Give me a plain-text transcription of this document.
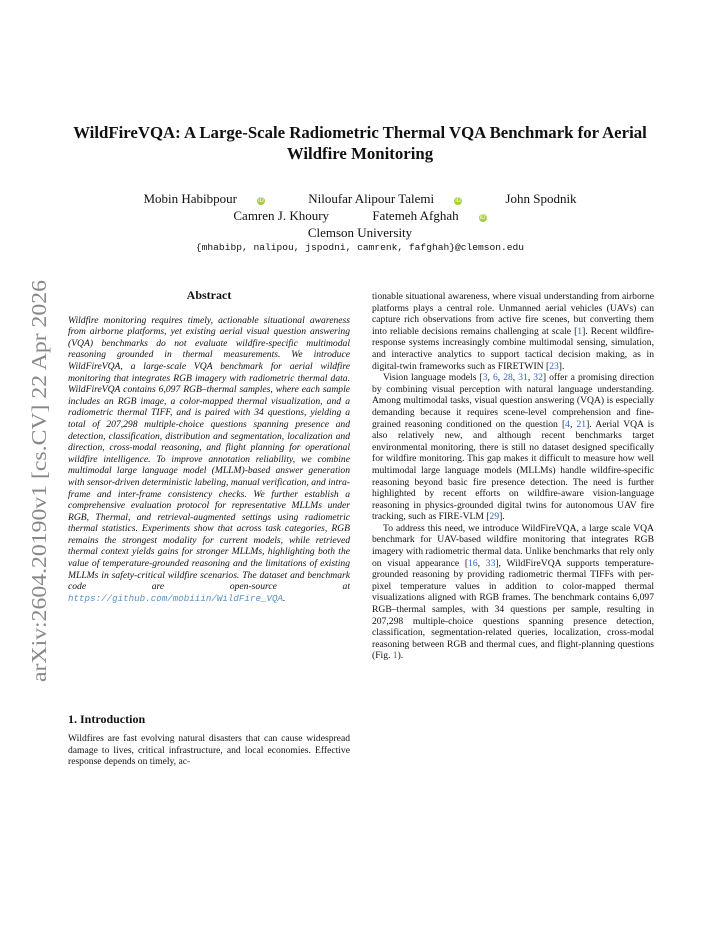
arXiv:2604.20190v1 [cs.CV] 22 Apr 2026
WildFireVQA: A Large-Scale Radiometric Thermal VQA Benchmark for Aerial Wildfire Monitoring
Mobin Habibpour	iD	Niloufar Alipour Talemi	iD	John Spodnik
Camren J. Khoury	Fatemeh Afghah	iD
Clemson University
{mhabibp, nalipou, jspodni, camrenk, fafghah}@clemson.edu
Abstract

Wildfire monitoring requires timely, actionable situational awareness from airborne platforms, yet existing aerial visual question answering (VQA) benchmarks do not evaluate wildfire-specific multimodal reasoning grounded in thermal measurements. We introduce WildFireVQA, a large-scale VQA benchmark for aerial wildfire monitoring that integrates RGB imagery with radiometric thermal data. WildFireVQA contains 6,097 RGB–thermal samples, where each sample includes an RGB image, a color-mapped thermal visualization, and a radiometric thermal TIFF, and is paired with 34 questions, yielding a total of 207,298 multiple-choice questions spanning presence and detection, classification, distribution and segmentation, localization and direction, cross-modal reasoning, and flight planning for operational wildfire intelligence. To improve annotation reliability, we combine multimodal large language model (MLLM)-based answer generation with sensor-driven deterministic labeling, manual verification, and intra-frame and inter-frame consistency checks. We further establish a comprehensive evaluation protocol for representative MLLMs under RGB, Thermal, and retrieval-augmented settings using radiometric thermal statistics. Experiments show that across task categories, RGB remains the strongest modality for current models, while retrieved thermal context yields gains for stronger MLLMs, highlighting both the value of temperature-grounded reasoning and the limitations of existing MLLMs in safety-critical wildfire scenarios. The dataset and benchmark code are open-source at https://github.com/mobiiin/WildFire_VQA.

1. Introduction
Wildfires are fast evolving natural disasters that can cause widespread damage to lives, critical infrastructure, and local economies. Effective response depends on timely, ac-

tionable situational awareness, where visual understanding from airborne platforms plays a central role. Unmanned aerial vehicles (UAVs) can capture rich observations from active fire scenes, but converting them into reliable decisions remains challenging at scale [1]. Recent wildfire-response systems increasingly combine multimodal sensing, simulation, and interactive analytics to support tactical decision making, as in digital-twin frameworks such as FIRETWIN [23].

Vision language models [3, 6, 28, 31, 32] offer a promising direction by combining visual perception with natural language understanding. Among multimodal tasks, visual question answering (VQA) is especially demanding because it requires scene-level comprehension and fine-grained reasoning conditioned on the question [4, 21]. Aerial VQA is also relatively new, and although recent benchmarks target environmental monitoring, there is still no dataset designed specifically for wildfire monitoring. This gap makes it difficult to measure how well multimodal large language models (MLLMs) handle wildfire-specific reasoning beyond basic fire presence detection. The need is further highlighted by recent efforts on wildfire-aware vision-language reasoning in physics-grounded digital twins for autonomous UAV fire tracking, such as FIRE-VLM [29].

To address this need, we introduce WildFireVQA, a large scale VQA benchmark for UAV-based wildfire monitoring that integrates RGB imagery with radiometric thermal data. Unlike benchmarks that rely only on visual appearance [16, 33], WildFireVQA supports temperature-grounded reasoning by providing radiometric thermal TIFFs with per-pixel temperature values in addition to color-mapped thermal visualizations aligned with RGB frames. The benchmark contains 6,097 RGB–thermal samples, with 34 questions per sample, resulting in 207,298 multiple-choice questions spanning presence detection, classification, segmentation-related queries, localization, cross-modal reasoning between RGB and thermal cues, and flight-planning questions (Fig. 1).
